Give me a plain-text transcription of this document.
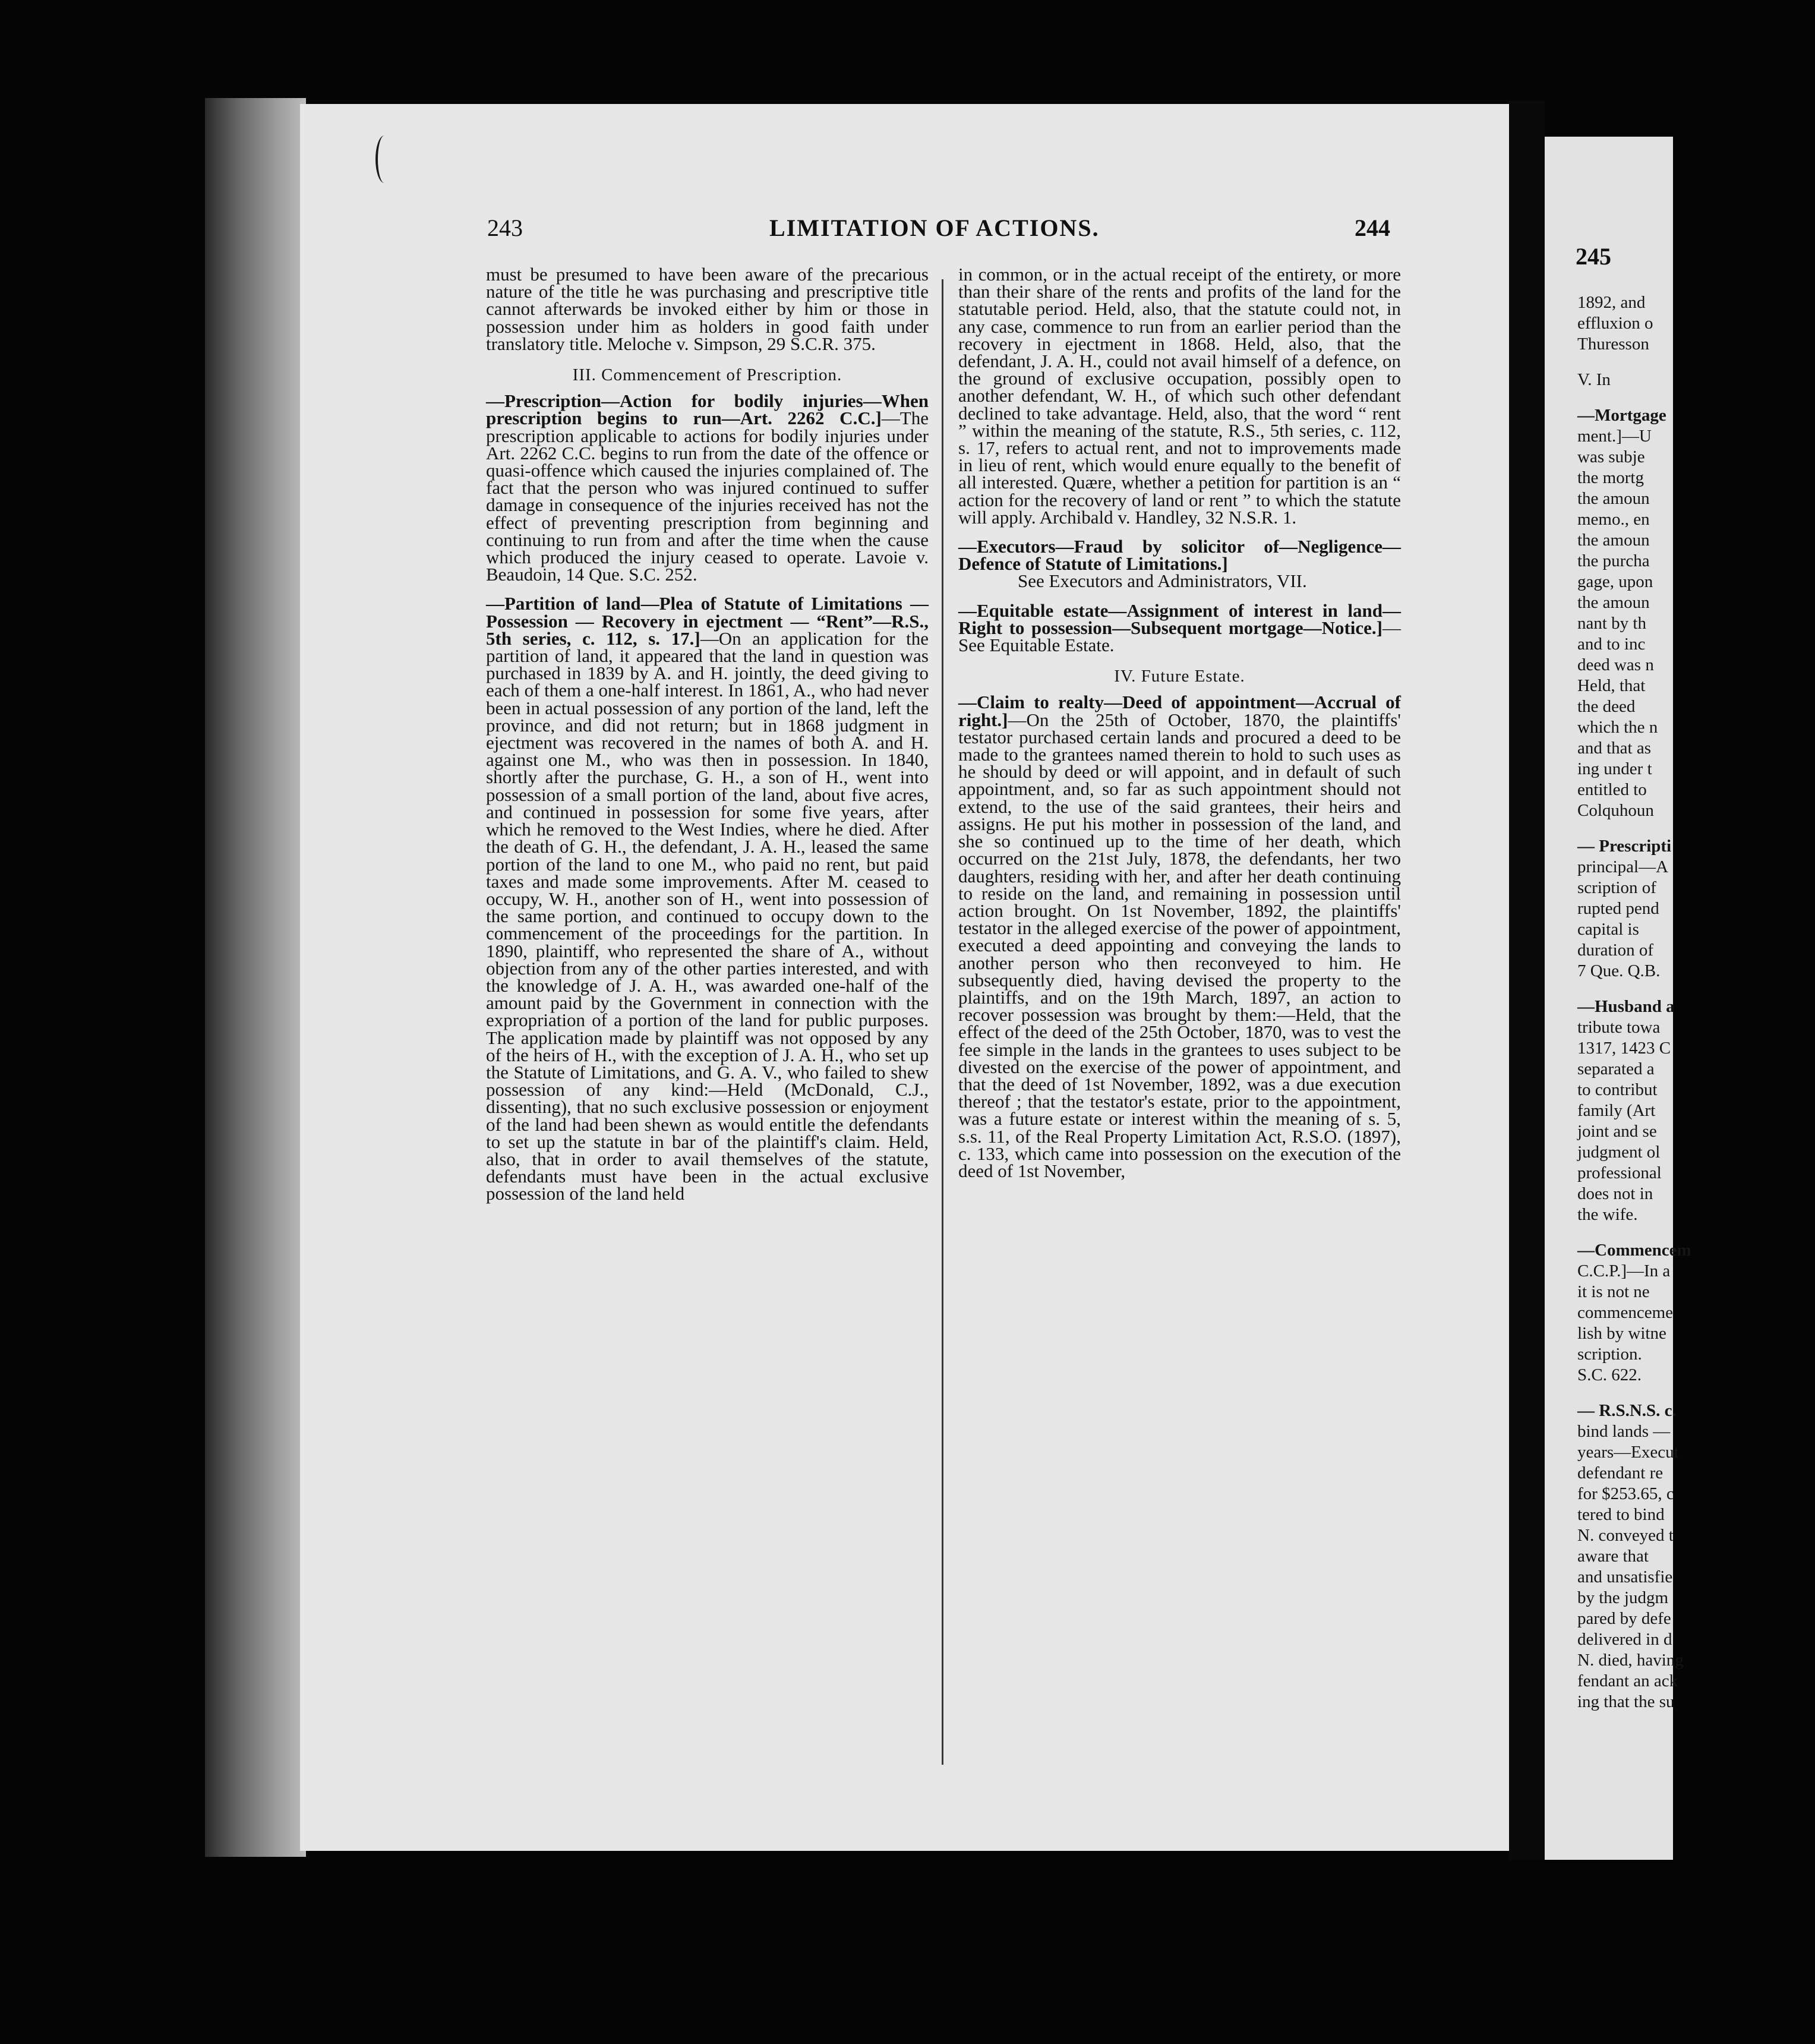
243	LIMITATION OF ACTIONS.	244

must be presumed to have been aware of the precarious nature of the title he was purchasing and prescriptive title cannot afterwards be invoked either by him or those in possession under him as holders in good faith under translatory title. Meloche v. Simpson, 29 S.C.R. 375.

III. Commencement of Prescription.

—Prescription—Action for bodily injuries—When prescription begins to run—Art. 2262 C.C.]—The prescription applicable to actions for bodily injuries under Art. 2262 C.C. begins to run from the date of the offence or quasi-offence which caused the injuries complained of. The fact that the person who was injured continued to suffer damage in consequence of the injuries received has not the effect of preventing prescription from beginning and continuing to run from and after the time when the cause which produced the injury ceased to operate. Lavoie v. Beaudoin, 14 Que. S.C. 252.

—Partition of land—Plea of Statute of Limitations — Possession — Recovery in ejectment — “Rent”—R.S., 5th series, c. 112, s. 17.]—On an application for the partition of land, it appeared that the land in question was purchased in 1839 by A. and H. jointly, the deed giving to each of them a one-half interest. In 1861, A., who had never been in actual possession of any portion of the land, left the province, and did not return; but in 1868 judgment in ejectment was recovered in the names of both A. and H. against one M., who was then in possession. In 1840, shortly after the purchase, G. H., a son of H., went into possession of a small portion of the land, about five acres, and continued in possession for some five years, after which he removed to the West Indies, where he died. After the death of G. H., the defendant, J. A. H., leased the same portion of the land to one M., who paid no rent, but paid taxes and made some improvements. After M. ceased to occupy, W. H., another son of H., went into possession of the same portion, and continued to occupy down to the commencement of the proceedings for the partition. In 1890, plaintiff, who represented the share of A., without objection from any of the other parties interested, and with the knowledge of J. A. H., was awarded one-half of the amount paid by the Government in connection with the expropriation of a portion of the land for public purposes. The application made by plaintiff was not opposed by any of the heirs of H., with the exception of J. A. H., who set up the Statute of Limitations, and G. A. V., who failed to shew possession of any kind:—Held (McDonald, C.J., dissenting), that no such exclusive possession or enjoyment of the land had been shewn as would entitle the defendants to set up the statute in bar of the plaintiff's claim. Held, also, that in order to avail themselves of the statute, defendants must have been in the actual exclusive possession of the land held

in common, or in the actual receipt of the entirety, or more than their share of the rents and profits of the land for the statutable period. Held, also, that the statute could not, in any case, commence to run from an earlier period than the recovery in ejectment in 1868. Held, also, that the defendant, J. A. H., could not avail himself of a defence, on the ground of exclusive occupation, possibly open to another defendant, W. H., of which such other defendant declined to take advantage. Held, also, that the word “ rent ” within the meaning of the statute, R.S., 5th series, c. 112, s. 17, refers to actual rent, and not to improvements made in lieu of rent, which would enure equally to the benefit of all interested. Quære, whether a petition for partition is an “ action for the recovery of land or rent ” to which the statute will apply. Archibald v. Handley, 32 N.S.R. 1.

—Executors—Fraud by solicitor of—Negligence—Defence of Statute of Limitations.]

See Executors and Administrators, VII.

—Equitable estate—Assignment of interest in land—Right to possession—Subsequent mortgage—Notice.]—See Equitable Estate.

IV. Future Estate.

—Claim to realty—Deed of appointment—Accrual of right.]—On the 25th of October, 1870, the plaintiffs' testator purchased certain lands and procured a deed to be made to the grantees named therein to hold to such uses as he should by deed or will appoint, and in default of such appointment, and, so far as such appointment should not extend, to the use of the said grantees, their heirs and assigns. He put his mother in possession of the land, and she so continued up to the time of her death, which occurred on the 21st July, 1878, the defendants, her two daughters, residing with her, and after her death continuing to reside on the land, and remaining in possession until action brought. On 1st November, 1892, the plaintiffs' testator in the alleged exercise of the power of appointment, executed a deed appointing and conveying the lands to another person who then reconveyed to him. He subsequently died, having devised the property to the plaintiffs, and on the 19th March, 1897, an action to recover possession was brought by them:—Held, that the effect of the deed of the 25th October, 1870, was to vest the fee simple in the lands in the grantees to uses subject to be divested on the exercise of the power of appointment, and that the deed of 1st November, 1892, was a due execution thereof ; that the testator's estate, prior to the appointment, was a future estate or interest within the meaning of s. 5, s.s. 11, of the Real Property Limitation Act, R.S.O. (1897), c. 133, which came into possession on the execution of the deed of 1st November,

245
1892, and
effluxion o
Thuresson
V. In
—Mortgage
ment.]—U
was subje
the mortg
the amoun
memo., en
the amoun
the purcha
gage, upon
the amoun
nant by th
and to inc
deed was n
Held, that
the deed
which the n
and that as
ing under t
entitled to
Colquhoun
— Prescripti
principal—A
scription of
rupted pend
capital is
duration of
7 Que. Q.B.
—Husband a
tribute towa
1317, 1423 C
separated a
to contribut
family (Art
joint and se
judgment ol
professional
does not in
the wife.
—Commencem
C.C.P.]—In a
it is not ne
commenceme
lish by witne
scription.
S.C. 622.
— R.S.N.S. c.
bind lands —
years—Execut
defendant re
for $253.65, c
tered to bind
N. conveyed t
aware that
and unsatisfie
by the judgm
pared by defe
delivered in d
N. died, having
fendant an ack
ing that the su
